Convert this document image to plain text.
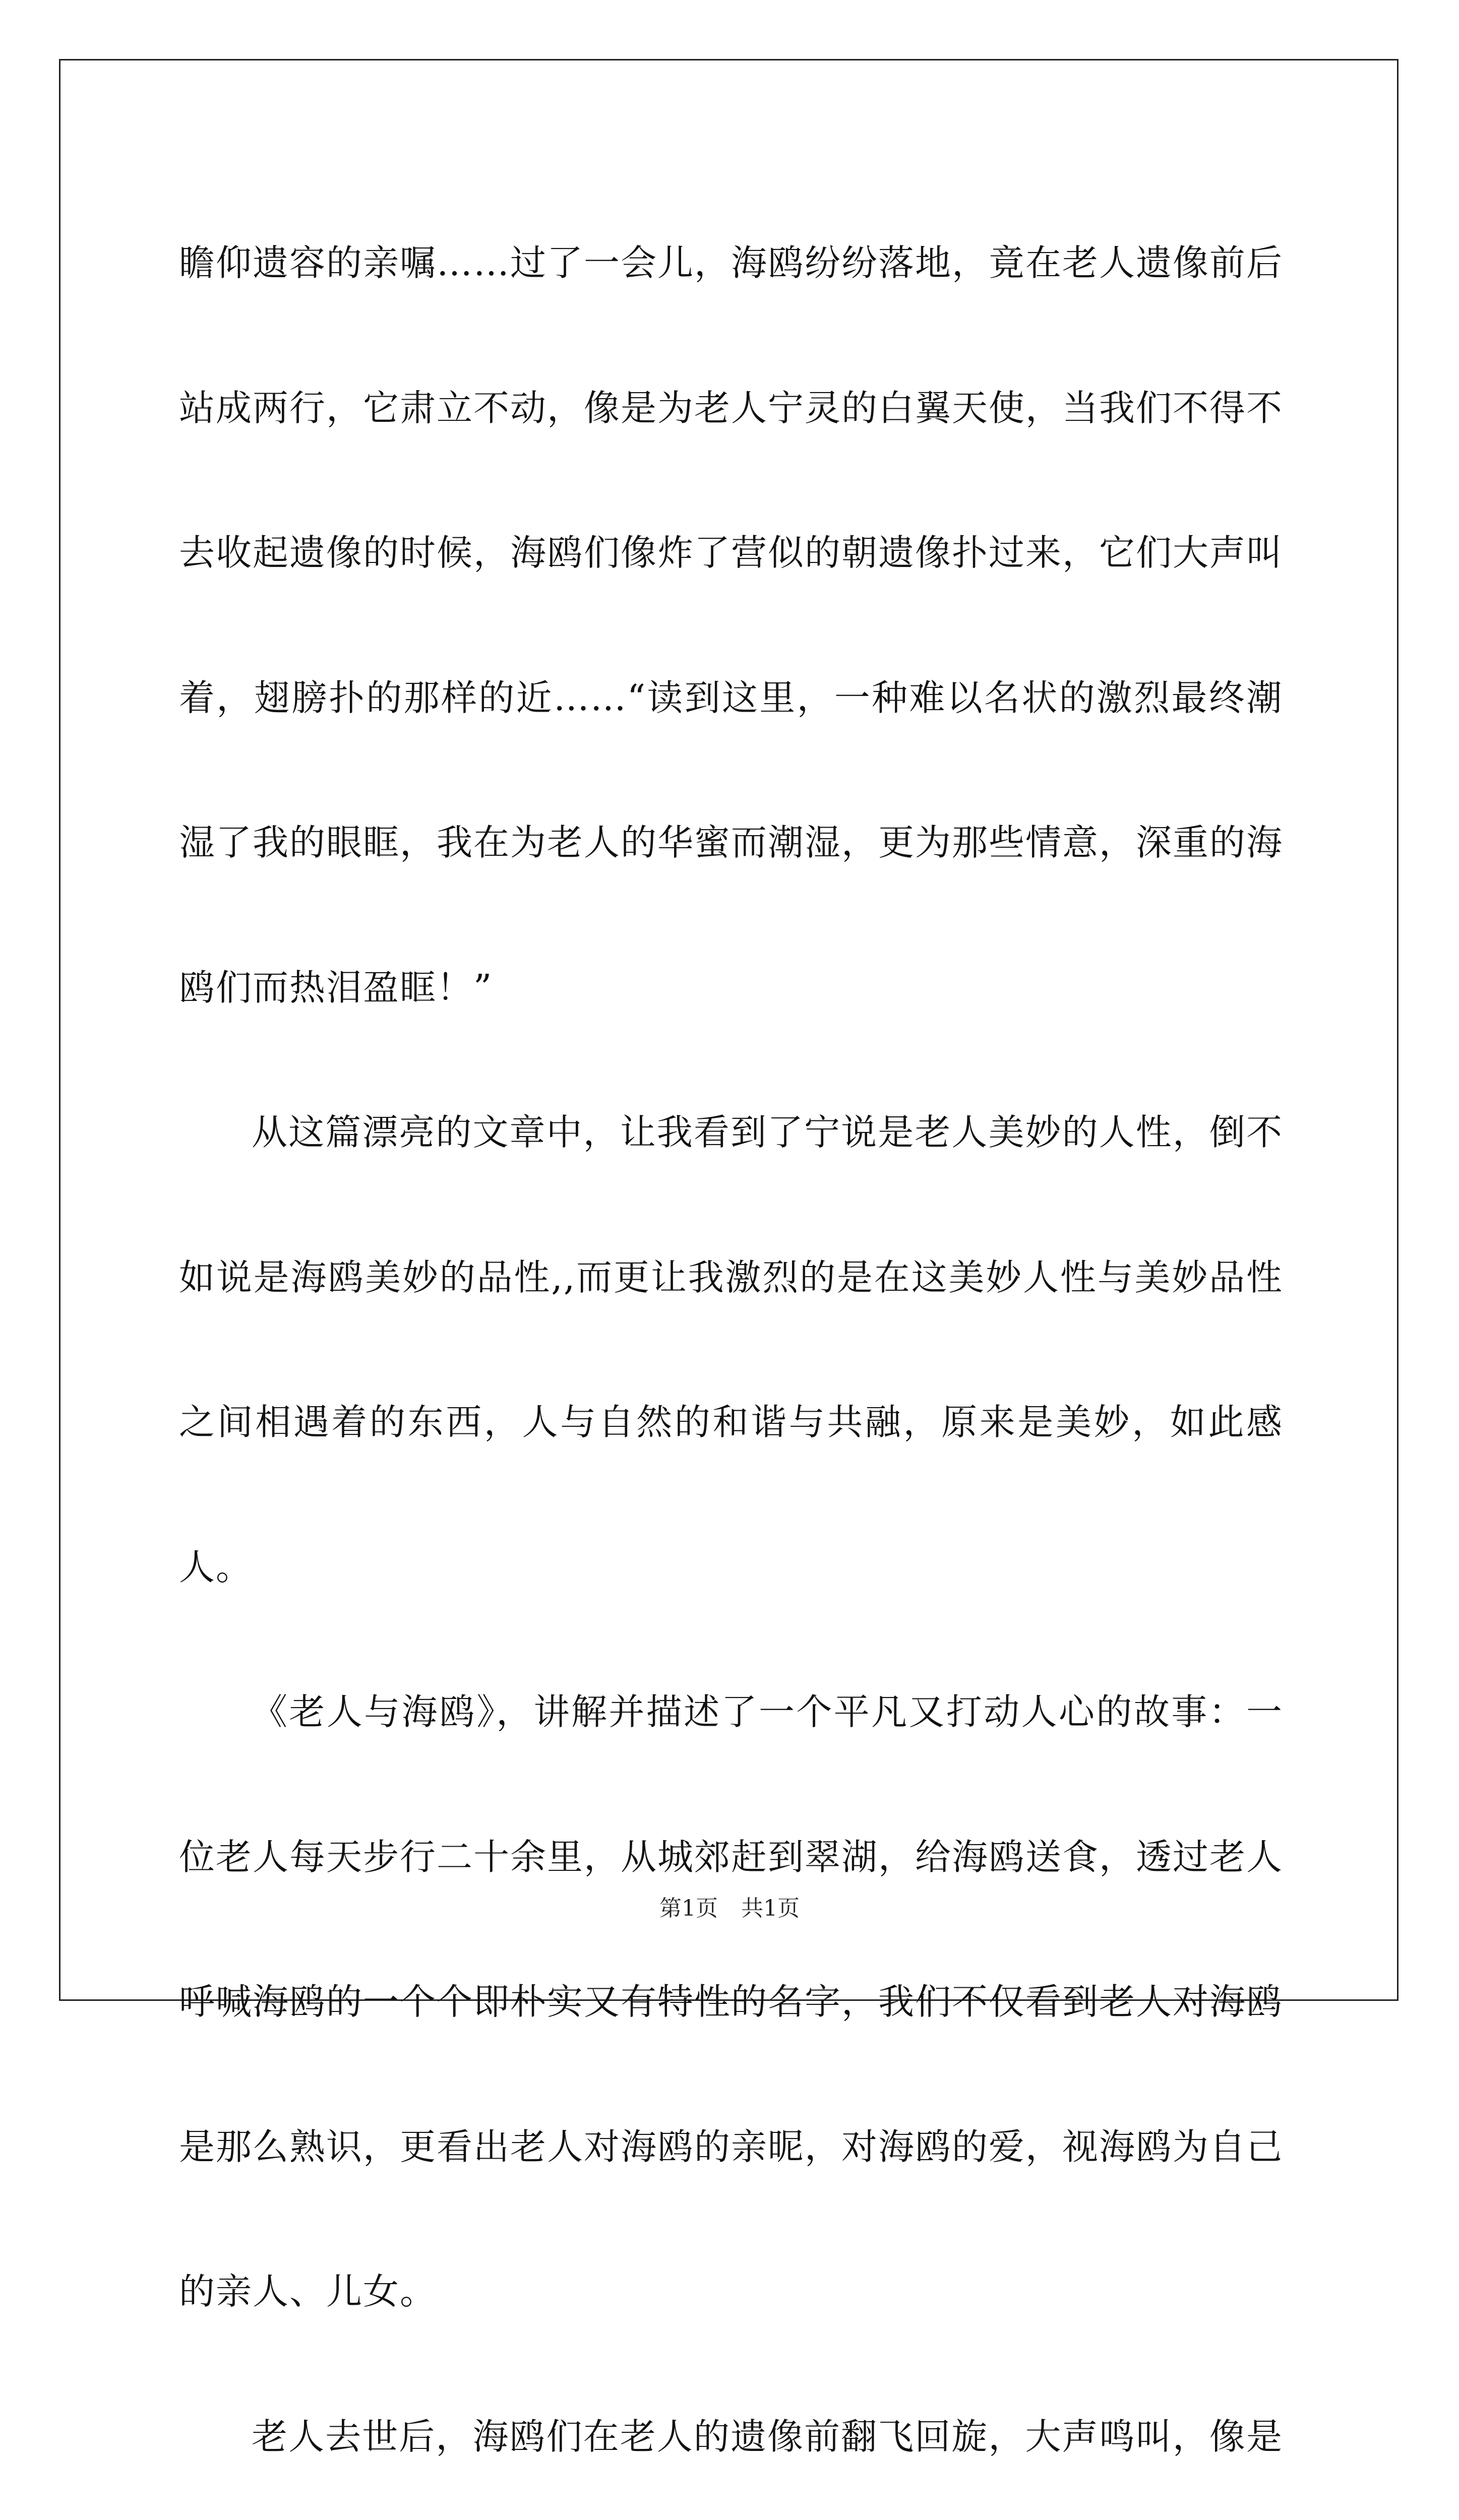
瞻仰遗容的亲嘱……过了一会儿，海鸥纷纷落地，竟在老人遗像前后站成两行，它肃立不动，像是为老人宁灵的白翼天使，当我们不得不去收起遗像的时候，海鸥们像炸了营似的朝遗像扑过来，它们大声叫着，翅膀扑的那样的近……“读到这里，一种难以名状的激烈最终潮湿了我的眼眶，我在为老人的华蜜而潮湿，更为那些情意，深重的海鸥们而热泪盈眶！”

从这篇漂亮的文章中，让我看到了宁说是老人美妙的人性，倒不如说是海鸥美妙的品性,,而更让我激烈的是在这美妙人性与美妙品性之间相遇着的东西，人与自然的和谐与共融，原来是美妙，如此感人。

《老人与海鸥》，讲解并描述了一个平凡又打动人心的故事：一位老人每天步行二十余里，从城郊赶到翠湖，给海鸥送食，透过老人呼喊海鸥的一个个即朴实又有特性的名字，我们不仅看到老人对海鸥是那么熟识，更看出老人对海鸥的亲昵，对海鸥的爱，视海鸥为自己的亲人、儿女。

老人去世后，海鸥们在老人的遗像前翻飞回旋，大声鸣叫，像是

第1页 共1页
